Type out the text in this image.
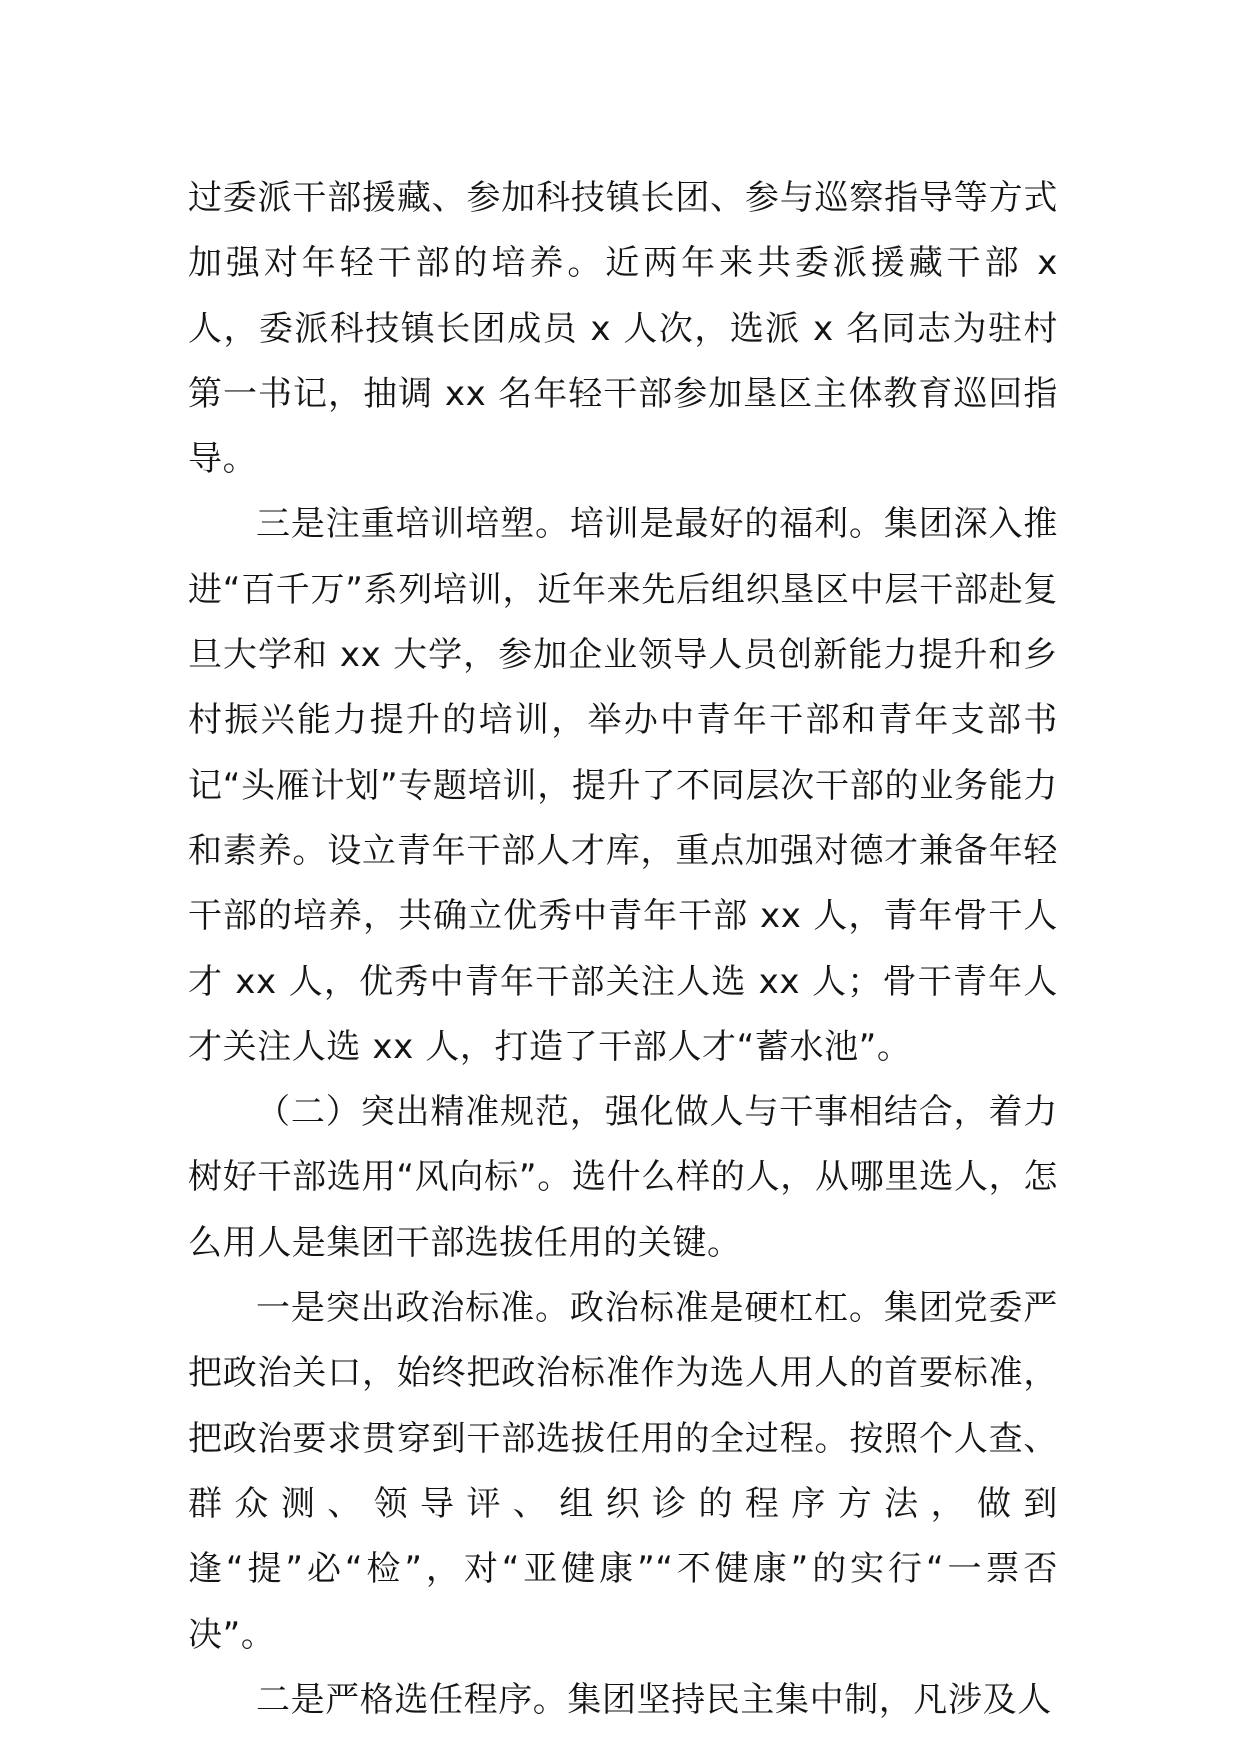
过委派干部援藏、参加科技镇长团、参与巡察指导等方式加强对年轻干部的培养。近两年来共委派援藏干部 x 人，委派科技镇长团成员 x 人次，选派 x 名同志为驻村第一书记，抽调 xx 名年轻干部参加垦区主体教育巡回指导。

三是注重培训培塑。培训是最好的福利。集团深入推进“百千万”系列培训，近年来先后组织垦区中层干部赴复旦大学和 xx 大学，参加企业领导人员创新能力提升和乡村振兴能力提升的培训，举办中青年干部和青年支部书记“头雁计划”专题培训，提升了不同层次干部的业务能力和素养。设立青年干部人才库，重点加强对德才兼备年轻干部的培养，共确立优秀中青年干部 xx 人，青年骨干人才 xx 人，优秀中青年干部关注人选 xx 人；骨干青年人才关注人选 xx 人，打造了干部人才“蓄水池”。

（二）突出精准规范，强化做人与干事相结合，着力树好干部选用“风向标”。选什么样的人，从哪里选人，怎么用人是集团干部选拔任用的关键。

一是突出政治标准。政治标准是硬杠杠。集团党委严把政治关口，始终把政治标准作为选人用人的首要标准，把政治要求贯穿到干部选拔任用的全过程。按照个人查、群众测、领导评、组织诊的程序方法，做到逢“提”必“检”，对“亚健康”“不健康”的实行“一票否决”。

二是严格选任程序。集团坚持民主集中制，凡涉及人
